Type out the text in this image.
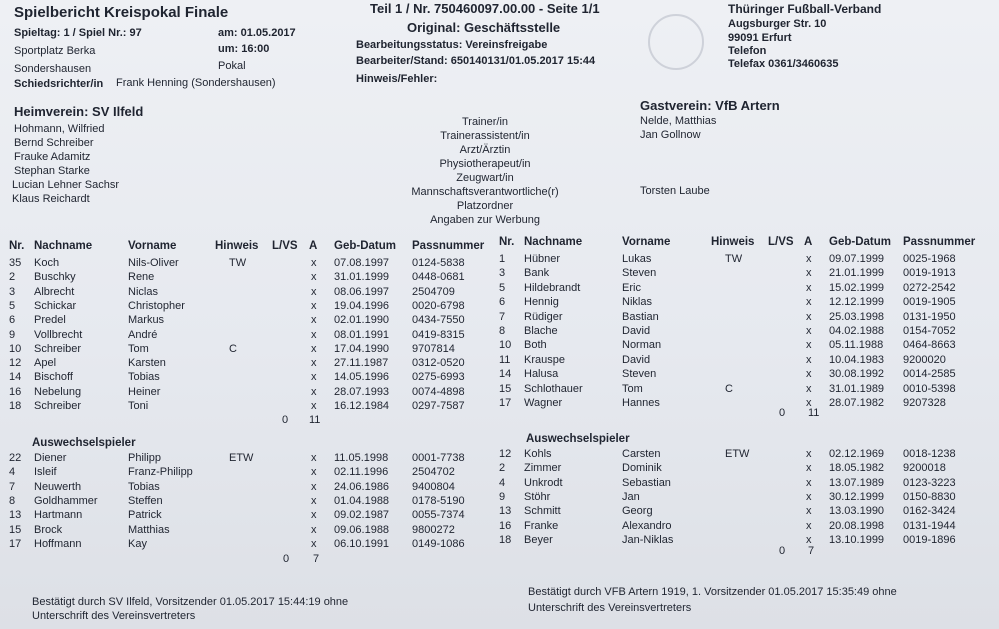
Spielbericht Kreispokal Finale
Spieltag: 1 / Spiel Nr.: 97
Sportplatz Berka
Sondershausen
Schiedsrichter/in Frank Henning (Sondershausen)
am: 01.05.2017
um: 16:00
Pokal
Teil 1 / Nr. 750460097.00.00 - Seite 1/1
Original: Geschäftsstelle
Bearbeitungsstatus: Vereinsfreigabe
Bearbeiter/Stand: 650140131/01.05.2017 15:44
Hinweis/Fehler:
Thüringer Fußball-Verband
Augsburger Str. 10
99091 Erfurt
Telefon
Telefax 0361/3460635
Heimverein: SV Ilfeld
Hohmann, Wilfried
Bernd Schreiber
Frauke Adamitz
Stephan Starke
Lucian Lehner Sachsr
Klaus Reichardt
Trainer/in
Trainerassistent/in
Arzt/Ärztin
Physiotherapeut/in
Zeugwart/in
Mannschaftsverantwortliche(r)
Platzordner
Angaben zur Werbung
Gastverein: VfB Artern
Nelde, Matthias
Jan Gollnow
Torsten Laube
Nr. Nachname	Vorname	Hinweis L/VS A Geb-Datum Passnummer Nr. Nachname	Vorname	Hinweis L/VS A Geb-Datum Passnummer
35 Koch	Nils-Oliver	TW	x 07.08.1997 0124-5838
2 Buschky	Rene	x 31.01.1999 0448-0681
3 Albrecht	Niclas	x 08.06.1997 2504709
5 Schickar	Christopher	x 19.04.1996 0020-6798
6 Predel	Markus	x 02.01.1990 0434-7550
9 Vollbrecht	André	x 08.01.1991 0419-8315
10 Schreiber	Tom	C	x 17.04.1990 9707814
12 Apel	Karsten	x 27.11.1987 0312-0520
14 Bischoff	Tobias	x 14.05.1996 0275-6993
16 Nebelung	Heiner	x 28.07.1993 0074-4898
18 Schreiber	Toni	x 16.12.1984 0297-7587
1 Hübner	Lukas	TW	x 09.07.1999 0025-1968
3 Bank	Steven	x 21.01.1999 0019-1913
5 Hildebrandt	Eric	x 15.02.1999 0272-2542
6 Hennig	Niklas	x 12.12.1999 0019-1905
7 Rüdiger	Bastian	x 25.03.1998 0131-1950
8 Blache	David	x 04.02.1988 0154-7052
10 Both	Norman	x 05.11.1988 0464-8663
11 Krauspe	David	x 10.04.1983 9200020
14 Halusa	Steven	x 30.08.1992 0014-2585
15 Schlothauer	Tom	C	x 31.01.1989 0010-5398
17 Wagner	Hannes	x 28.07.1982 9207328
0 11
0 11
Auswechselspieler	Auswechselspieler
22 Diener	Philipp	ETW	x 11.05.1998 0001-7738
4 Isleif	Franz-Philipp	x 02.11.1996 2504702
7 Neuwerth	Tobias	x 24.06.1986 9400804
8 Goldhammer	Steffen	x 01.04.1988 0178-5190
13 Hartmann	Patrick	x 09.02.1987 0055-7374
15 Brock	Matthias	x 09.06.1988 9800272
17 Hoffmann	Kay	x 06.10.1991 0149-1086
12 Kohls	Carsten	ETW	x 02.12.1969 0018-1238
2 Zimmer	Dominik	x 18.05.1982 9200018
4 Unkrodt	Sebastian	x 13.07.1989 0123-3223
9 Stöhr	Jan	x 30.12.1999 0150-8830
13 Schmitt	Georg	x 13.03.1990 0162-3424
16 Franke	Alexandro	x 20.08.1998 0131-1944
18 Beyer	Jan-Niklas	x 13.10.1999 0019-1896
0 7
0 7
Bestätigt durch SV Ilfeld, Vorsitzender 01.05.2017 15:44:19 ohne
Unterschrift des Vereinsvertreters
Bestätigt durch VFB Artern 1919, 1. Vorsitzender 01.05.2017 15:35:49 ohne
Unterschrift des Vereinsvertreters
